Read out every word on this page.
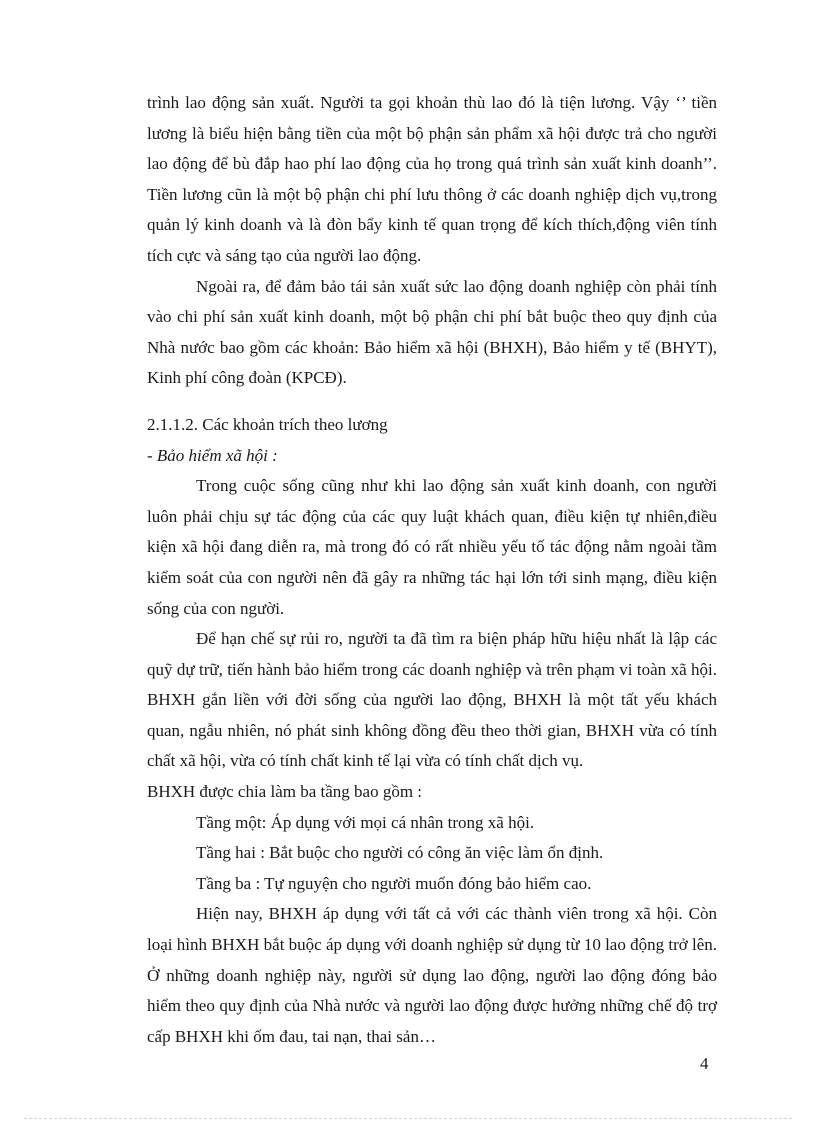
trình lao động sản xuất. Người ta gọi khoản thù lao đó là tiện lương. Vậy ‘’ tiền lương là biểu hiện bằng tiền của một bộ phận sản phẩm xã hội được trả cho người lao động để bù đắp hao phí lao động của họ trong quá trình sản xuất kinh doanh’’. Tiền lương cũn là một bộ phận chi phí lưu thông ở các doanh nghiệp dịch vụ,trong quản lý kinh doanh và là đòn bẩy kinh tế quan trọng để kích thích,động viên tính tích cực và sáng tạo của người lao động.

Ngoài ra, để đảm bảo tái sản xuất sức lao động doanh nghiệp còn phải tính vào chi phí sản xuất kinh doanh, một bộ phận chi phí bắt buộc theo quy định của Nhà nước bao gồm các khoản: Bảo hiểm xã hội (BHXH), Bảo hiểm y tế (BHYT), Kinh phí công đoàn (KPCĐ).

2.1.1.2. Các khoản trích theo lương

- Bảo hiểm xã hội :

Trong cuộc sống cũng như khi lao động sản xuất kinh doanh, con người luôn phải chịu sự tác động của các quy luật khách quan, điều kiện tự nhiên,điều kiện xã hội đang diễn ra, mà trong đó có rất nhiều yếu tố tác động nằm ngoài tầm kiểm soát của con người nên đã gây ra những tác hại lớn tới sinh mạng, điều kiện sống của con người.

Để hạn chế sự rủi ro, người ta đã tìm ra biện pháp hữu hiệu nhất là lập các quỹ dự trữ, tiến hành bảo hiểm trong các doanh nghiệp và trên phạm vi toàn xã hội. BHXH gắn liền với đời sống của người lao động, BHXH là một tất yếu khách quan, ngẫu nhiên, nó phát sinh không đồng đều theo thời gian, BHXH vừa có tính chất xã hội, vừa có tính chất kinh tế lại vừa có tính chất dịch vụ.

BHXH được chia làm ba tầng bao gồm :

Tầng một: Áp dụng với mọi cá nhân trong xã hội.

Tầng hai : Bắt buộc cho người có công ăn việc làm ổn định.

Tầng ba : Tự nguyện cho người muốn đóng bảo hiểm cao.

Hiện nay, BHXH áp dụng với tất cả với các thành viên trong xã hội. Còn loại hình BHXH bắt buộc áp dụng với doanh nghiệp sử dụng từ 10 lao động trở lên. Ở những doanh nghiệp này, người sử dụng lao động, người lao động đóng bảo hiểm theo quy định của Nhà nước và người lao động được hưởng những chế độ trợ cấp BHXH khi ốm đau, tai nạn, thai sản…

4
